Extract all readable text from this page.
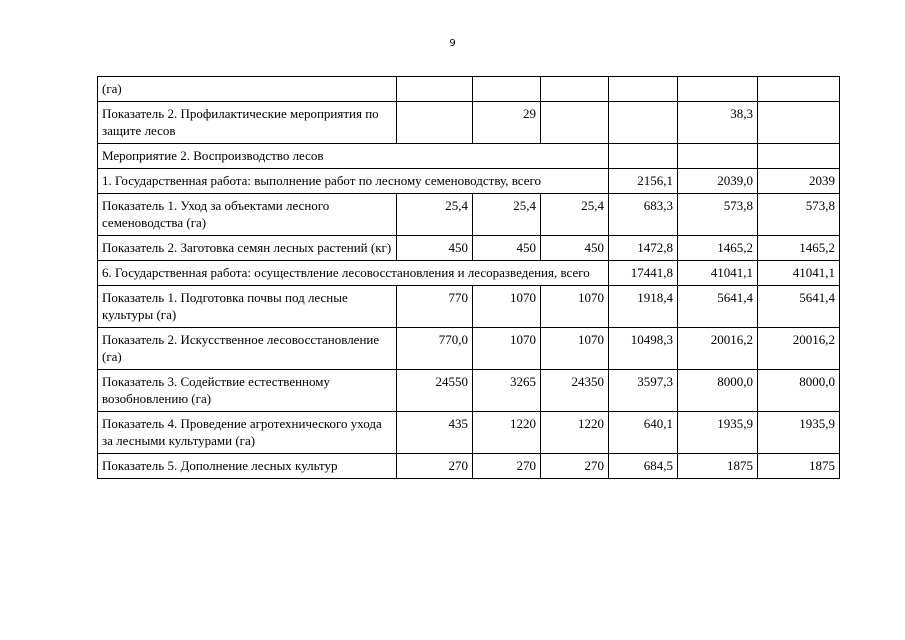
9
(га)						
Показатель 2. Профилактические мероприятия по защите лесов		29			38,3	
Мероприятие 2. Воспроизводство лесов						
1. Государственная работа: выполнение работ по лесному семеноводству, всего				2156,1	2039,0	2039
Показатель 1. Уход за объектами лесного семеноводства (га)	25,4	25,4	25,4	683,3	573,8	573,8
Показатель 2. Заготовка семян лесных растений (кг)	450	450	450	1472,8	1465,2	1465,2
6. Государственная работа: осуществление лесовосстановления и лесоразведения, всего				17441,8	41041,1	41041,1
Показатель 1. Подготовка почвы под лесные культуры (га)	770	1070	1070	1918,4	5641,4	5641,4
Показатель 2. Искусственное лесовосстановление (га)	770,0	1070	1070	10498,3	20016,2	20016,2
Показатель 3. Содействие естественному возобновлению (га)	24550	3265	24350	3597,3	8000,0	8000,0
Показатель 4. Проведение агротехнического ухода за лесными культурами (га)	435	1220	1220	640,1	1935,9	1935,9
Показатель 5. Дополнение лесных культур	270	270	270	684,5	1875	1875
